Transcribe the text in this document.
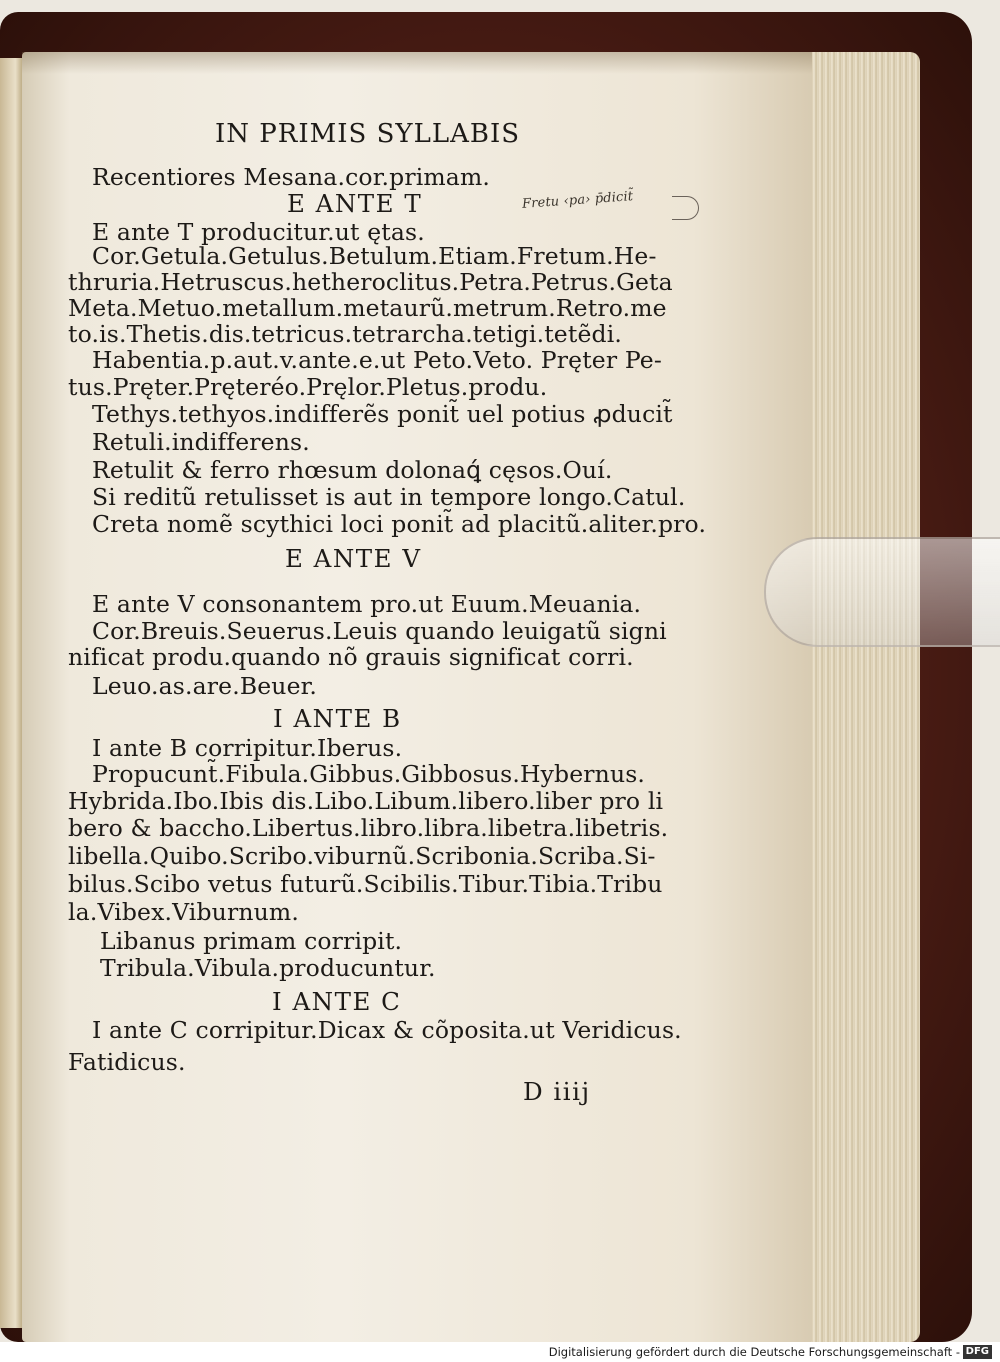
IN PRIMIS SYLLABIS
Recentiores Mesana.cor.primam.
E ANTE T
E ante T producitur.ut ętas.
Cor.Getula.Getulus.Betulum.Etiam.Fretum.He-
thruria.Hetruscus.hetheroclitus.Petra.Petrus.Geta
Meta.Metuo.metallum.metaurũ.metrum.Retro.me
to.is.Thetis.dis.tetricus.tetrarcha.tetigi.tetẽdi.
Habentia.p.aut.v.ante.e.ut Peto.Veto. Pręter Pe-
tus.Pręter.Pręteréo.Pręlor.Pletus.produ.
Tethys.tethyos.indifferẽs ponit̃ uel potius ꝓducit̃
Retuli.indifferens.
Retulit & ferro rhœsum dolonaꝗ́ cęsos.Ouí.
Si reditũ retulisset is aut in tempore longo.Catul.
Creta nomẽ scythici loci ponit̃ ad placitũ.aliter.pro.
E ANTE V
E ante V consonantem pro.ut Euum.Meuania.
Cor.Breuis.Seuerus.Leuis quando leuigatũ signi
nificat produ.quando nõ grauis significat corri.
Leuo.as.are.Beuer.
I ANTE B
I ante B corripitur.Iberus.
Propucunt̃.Fibula.Gibbus.Gibbosus.Hybernus.
Hybrida.Ibo.Ibis dis.Libo.Libum.libero.liber pro li
bero & baccho.Libertus.libro.libra.libetra.libetris.
libella.Quibo.Scribo.viburnũ.Scribonia.Scriba.Si-
bilus.Scibo vetus futurũ.Scibilis.Tibur.Tibia.Tribu
la.Vibex.Viburnum.
Libanus primam corripit.
Tribula.Vibula.producuntur.
I ANTE C
I ante C corripitur.Dicax & cõposita.ut Veridicus.
Fatidicus.
D iiij
Fretu ‹pa› p̄dicit̃
Digitalisierung gefördert durch die Deutsche Forschungsgemeinschaft - DFG
